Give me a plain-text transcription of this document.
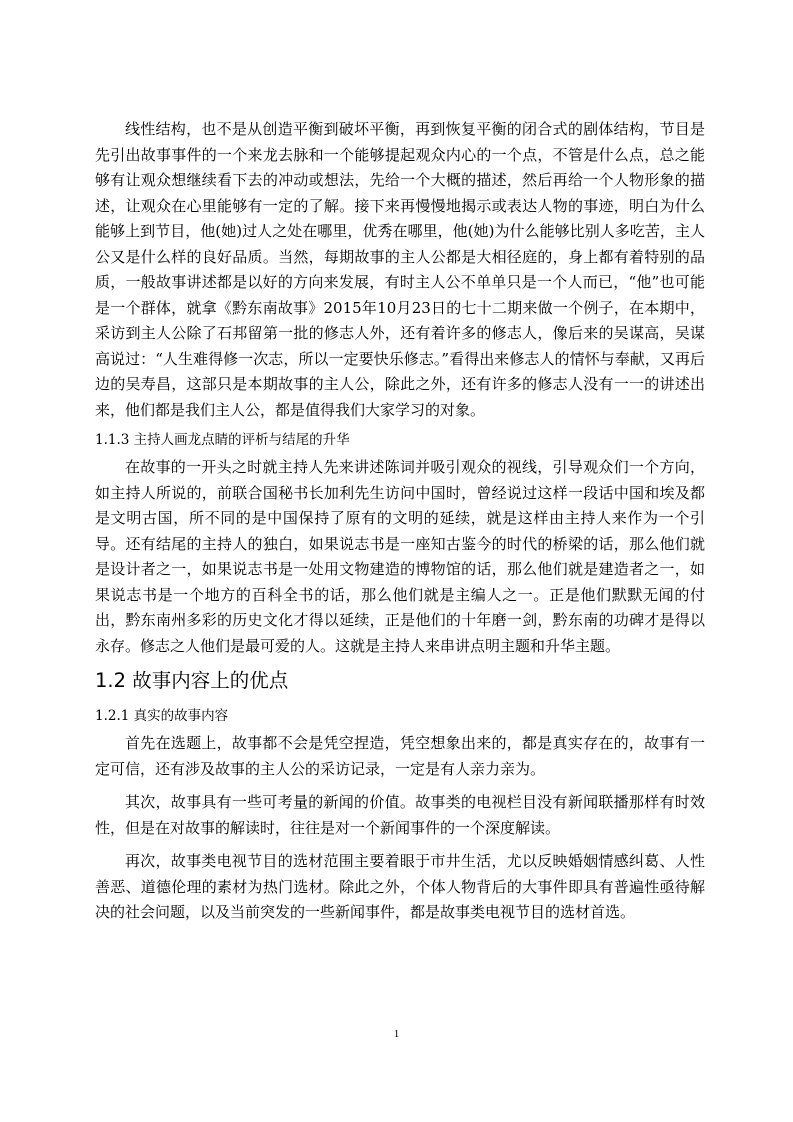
线性结构，也不是从创造平衡到破坏平衡，再到恢复平衡的闭合式的剧体结构，节目是先引出故事事件的一个来龙去脉和一个能够提起观众内心的一个点，不管是什么点，总之能够有让观众想继续看下去的冲动或想法，先给一个大概的描述，然后再给一个人物形象的描述，让观众在心里能够有一定的了解。接下来再慢慢地揭示或表达人物的事迹，明白为什么能够上到节目，他(她)过人之处在哪里，优秀在哪里，他(她)为什么能够比别人多吃苦，主人公又是什么样的良好品质。当然，每期故事的主人公都是大相径庭的，身上都有着特别的品质，一般故事讲述都是以好的方向来发展，有时主人公不单单只是一个人而已，“他”也可能是一个群体，就拿《黔东南故事》2015年10月23日的七十二期来做一个例子，在本期中，采访到主人公除了石邦留第一批的修志人外，还有着许多的修志人，像后来的吴谋高，吴谋高说过：“人生难得修一次志，所以一定要快乐修志。”看得出来修志人的情怀与奉献，又再后边的吴寿昌，这部只是本期故事的主人公，除此之外，还有许多的修志人没有一一的讲述出来，他们都是我们主人公，都是值得我们大家学习的对象。

1.1.3 主持人画龙点睛的评析与结尾的升华

在故事的一开头之时就主持人先来讲述陈词并吸引观众的视线，引导观众们一个方向，如主持人所说的，前联合国秘书长加利先生访问中国时，曾经说过这样一段话中国和埃及都是文明古国，所不同的是中国保持了原有的文明的延续，就是这样由主持人来作为一个引导。还有结尾的主持人的独白，如果说志书是一座知古鉴今的时代的桥梁的话，那么他们就是设计者之一，如果说志书是一处用文物建造的博物馆的话，那么他们就是建造者之一，如果说志书是一个地方的百科全书的话，那么他们就是主编人之一。正是他们默默无闻的付出，黔东南州多彩的历史文化才得以延续，正是他们的十年磨一剑，黔东南的功碑才是得以永存。修志之人他们是最可爱的人。这就是主持人来串讲点明主题和升华主题。

1.2 故事内容上的优点
1.2.1 真实的故事内容

首先在选题上，故事都不会是凭空捏造，凭空想象出来的，都是真实存在的，故事有一定可信，还有涉及故事的主人公的采访记录，一定是有人亲力亲为。

其次，故事具有一些可考量的新闻的价值。故事类的电视栏目没有新闻联播那样有时效性，但是在对故事的解读时，往往是对一个新闻事件的一个深度解读。

再次，故事类电视节目的选材范围主要着眼于市井生活，尤以反映婚姻情感纠葛、人性善恶、道德伦理的素材为热门选材。除此之外，个体人物背后的大事件即具有普遍性亟待解决的社会问题，以及当前突发的一些新闻事件，都是故事类电视节目的选材首选。

1
